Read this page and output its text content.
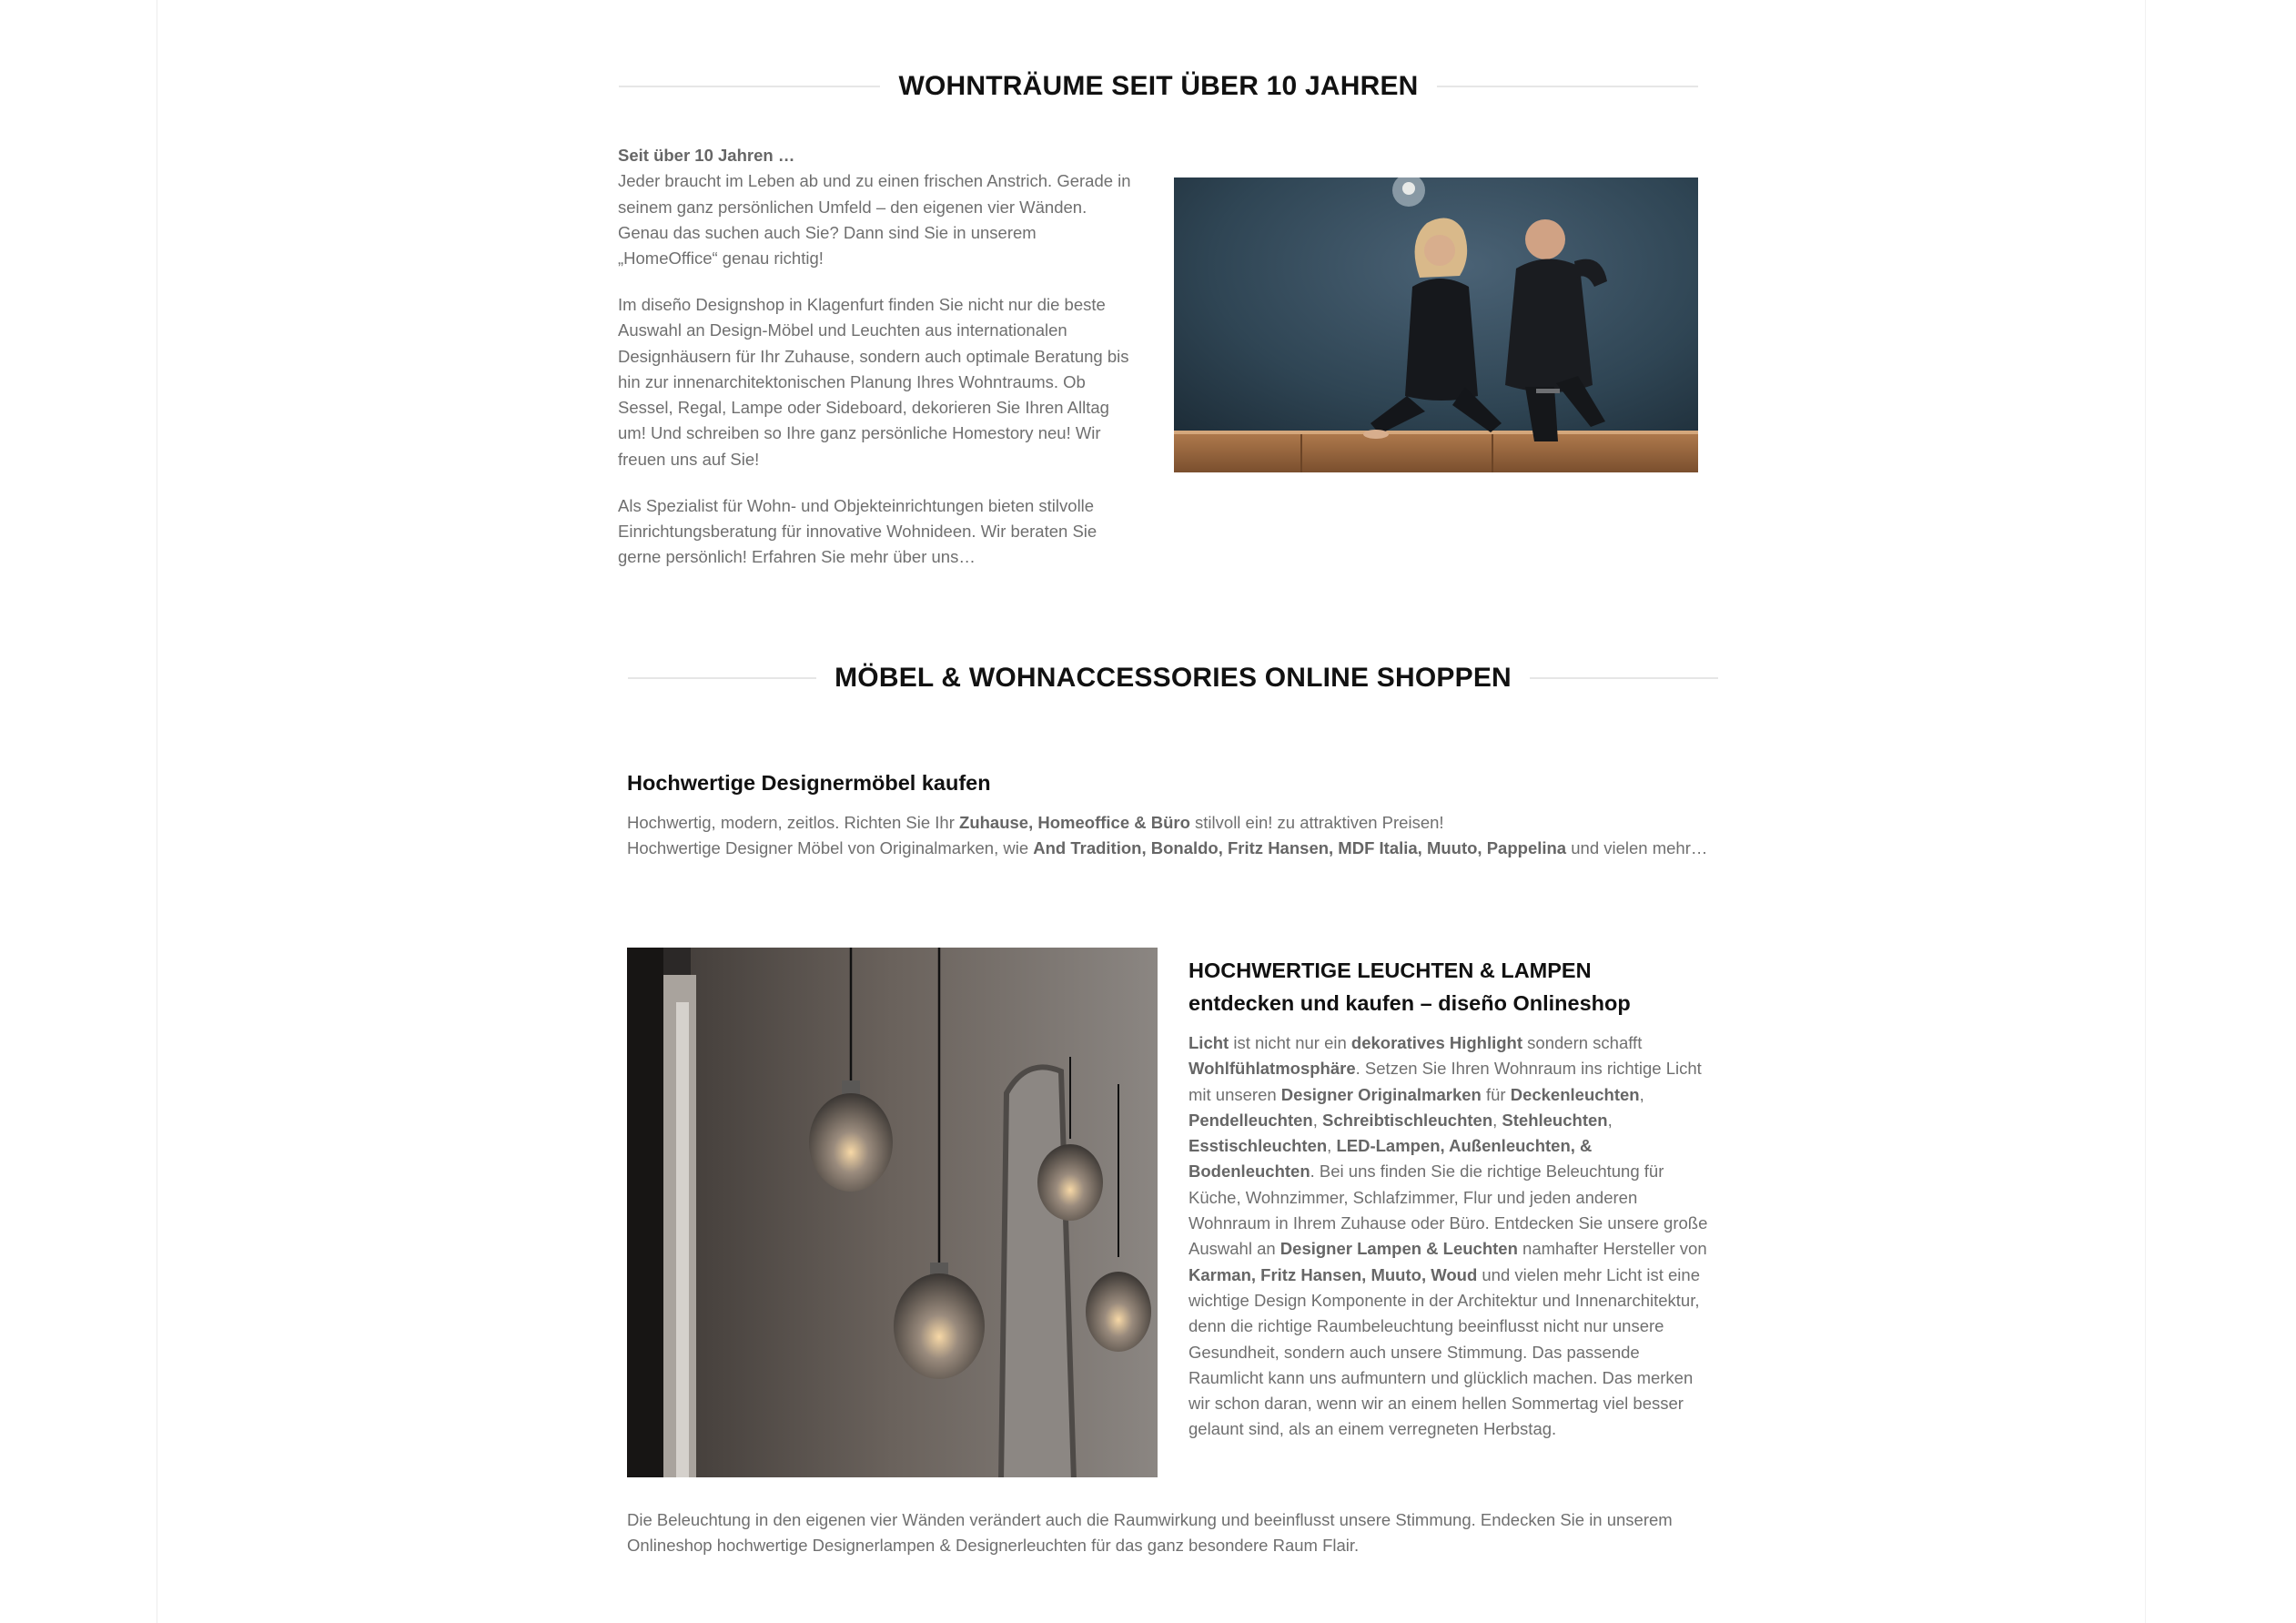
WOHNTRÄUME SEIT ÜBER 10 JAHREN

Seit über 10 Jahren …
Jeder braucht im Leben ab und zu einen frischen Anstrich. Gerade in seinem ganz persönlichen Umfeld – den eigenen vier Wänden. Genau das suchen auch Sie? Dann sind Sie in unserem „HomeOffice“ genau richtig!

Im diseño Designshop in Klagenfurt finden Sie nicht nur die beste Auswahl an Design-Möbel und Leuchten aus internationalen Designhäusern für Ihr Zuhause, sondern auch optimale Beratung bis hin zur innenarchitektonischen Planung Ihres Wohntraums. Ob Sessel, Regal, Lampe oder Sideboard, dekorieren Sie Ihren Alltag um! Und schreiben so Ihre ganz persönliche Homestory neu! Wir freuen uns auf Sie!

Als Spezialist für Wohn- und Objekteinrichtungen bieten stilvolle Einrichtungsberatung für innovative Wohnideen. Wir beraten Sie gerne persönlich! Erfahren Sie mehr über uns…

MÖBEL & WOHNACCESSORIES ONLINE SHOPPEN
Hochwertige Designermöbel kaufen
Hochwertig, modern, zeitlos. Richten Sie Ihr Zuhause, Homeoffice & Büro stilvoll ein! zu attraktiven Preisen!
Hochwertige Designer Möbel von Originalmarken, wie And Tradition, Bonaldo, Fritz Hansen, MDF Italia, Muuto, Pappelina und vielen mehr…
HOCHWERTIGE LEUCHTEN & LAMPEN
entdecken und kaufen – diseño Onlineshop
Licht ist nicht nur ein dekoratives Highlight sondern schafft Wohlfühlatmosphäre. Setzen Sie Ihren Wohnraum ins richtige Licht mit unseren Designer Originalmarken für Deckenleuchten, Pendelleuchten, Schreibtischleuchten, Stehleuchten, Esstischleuchten, LED-Lampen, Außenleuchten, & Bodenleuchten. Bei uns finden Sie die richtige Beleuchtung für Küche, Wohnzimmer, Schlafzimmer, Flur und jeden anderen Wohnraum in Ihrem Zuhause oder Büro. Entdecken Sie unsere große Auswahl an Designer Lampen & Leuchten namhafter Hersteller von Karman, Fritz Hansen, Muuto, Woud und vielen mehr Licht ist eine wichtige Design Komponente in der Architektur und Innenarchitektur, denn die richtige Raumbeleuchtung beeinflusst nicht nur unsere Gesundheit, sondern auch unsere Stimmung. Das passende Raumlicht kann uns aufmuntern und glücklich machen. Das merken wir schon daran, wenn wir an einem hellen Sommertag viel besser gelaunt sind, als an einem verregneten Herbstag.
Die Beleuchtung in den eigenen vier Wänden verändert auch die Raumwirkung und beeinflusst unsere Stimmung. Endecken Sie in unserem Onlineshop hochwertige Designerlampen & Designerleuchten für das ganz besondere Raum Flair.
